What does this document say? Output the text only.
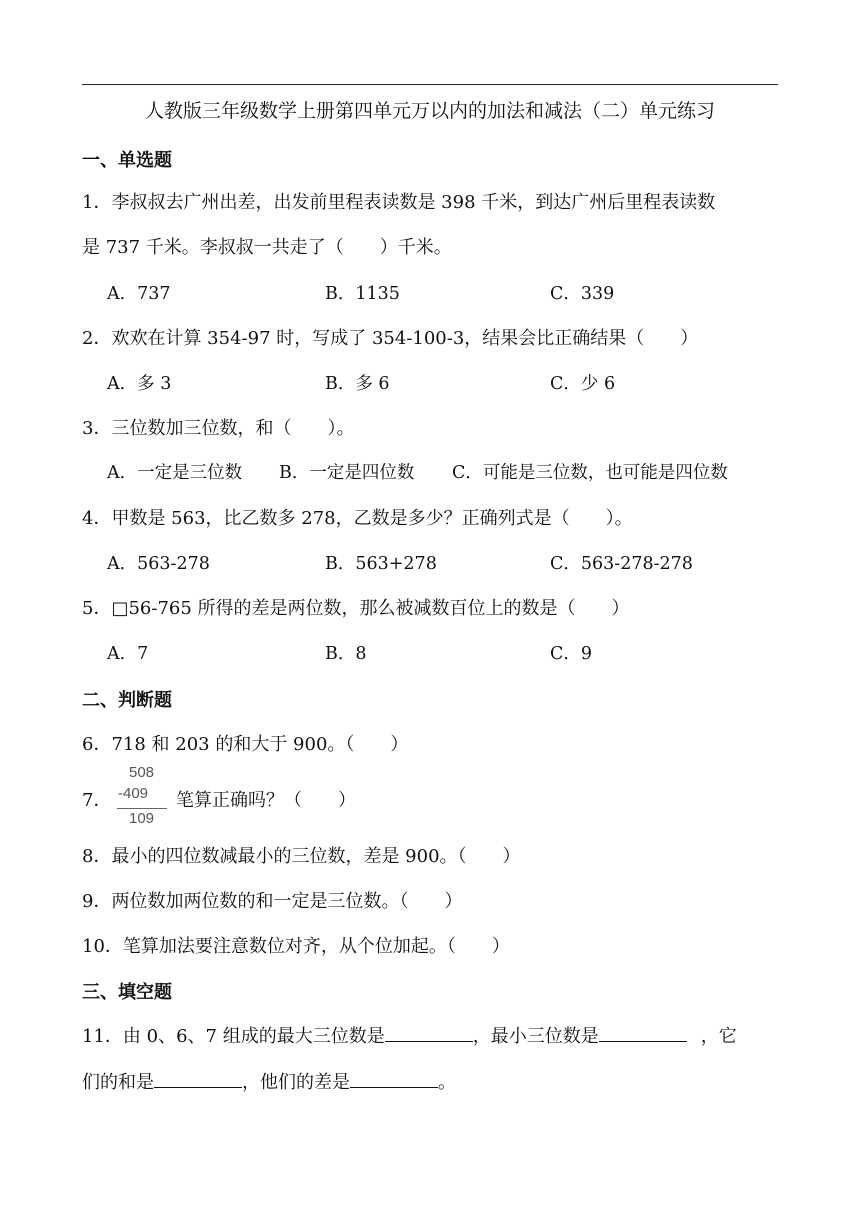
人教版三年级数学上册第四单元万以内的加法和减法（二）单元练习
一、单选题
1．李叔叔去广州出差，出发前里程表读数是 398 千米，到达广州后里程表读数
是 737 千米。李叔叔一共走了（　　）千米。
A．737	B．1135	C．339
2．欢欢在计算 354-97 时，写成了 354-100-3，结果会比正确结果（　　）
A．多 3	B．多 6	C．少 6
3．三位数加三位数，和（　　）。
A．一定是三位数 B．一定是四位数 C．可能是三位数，也可能是四位数
4．甲数是 563，比乙数多 278，乙数是多少？正确列式是（　　）。
A．563-278	B．563+278	C．563-278-278
5．□56-765 所得的差是两位数，那么被减数百位上的数是（　　）
A．7	B．8	C．9
二、判断题
6．718 和 203 的和大于 900。（　　）
7．
508
-409
109
笔算正确吗？（　　）
8．最小的四位数减最小的三位数，差是 900。（　　）
9．两位数加两位数的和一定是三位数。（　　）
10．笔算加法要注意数位对齐，从个位加起。（　　）
三、填空题
11．由 0、6、7 组成的最大三位数是	，最小三位数是	，它
们的和是	，他们的差是	。
